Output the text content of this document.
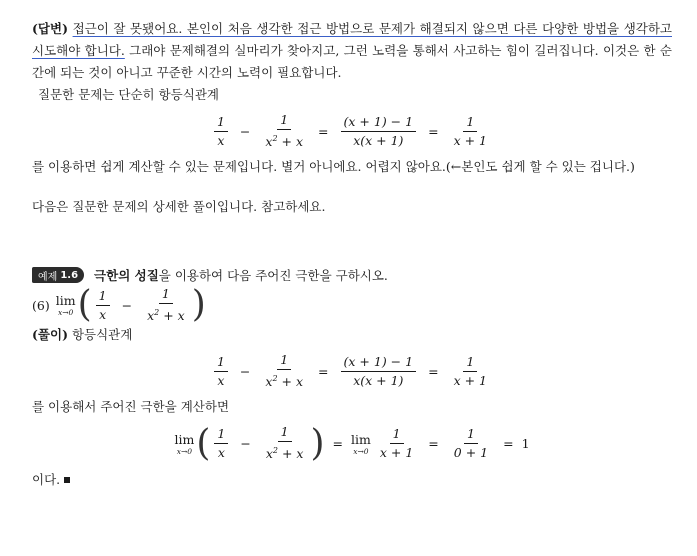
(답변) 접근이 잘 못됐어요. 본인이 처음 생각한 접근 방법으로 문제가 해결되지 않으면 다른 다양한 방법을 생각하고 시도해야 합니다. 그래야 문제해결의 실마리가 찾아지고, 그런 노력을 통해서 사고하는 힘이 길러집니다. 이것은 한 순간에 되는 것이 아니고 꾸준한 시간의 노력이 필요합니다.

질문한 문제는 단순히 항등식관계

$\frac{1}{x} - \frac{1}{x^2 + x} = \frac{(x + 1) - 1}{x(x + 1)} = \frac{1}{x + 1}$

를 이용하면 쉽게 계산할 수 있는 문제입니다. 별거 아니에요. 어렵지 않아요.(←본인도 쉽게 할 수 있는 겁니다.)

다음은 질문한 문제의 상세한 풀이입니다. 참고하세요.

예제 1.6 극한의 성질을 이용하여 다음 주어진 극한을 구하시오.
(6) lim
x→0 ( $\frac{1}{x} - \frac{1}{x^2 + x}$ )

(풀이) 항등식관계

$\frac{1}{x} - \frac{1}{x^2 + x} = \frac{(x + 1) - 1}{x(x + 1)} = \frac{1}{x + 1}$

를 이용해서 주어진 극한을 계산하면

lim
x→0 ( $\frac{1}{x} - \frac{1}{x^2 + x}$ ) = lim
$x\to 0 \frac{1}{x + 1} = \frac{1}{0 + 1} = 1$

이다.
